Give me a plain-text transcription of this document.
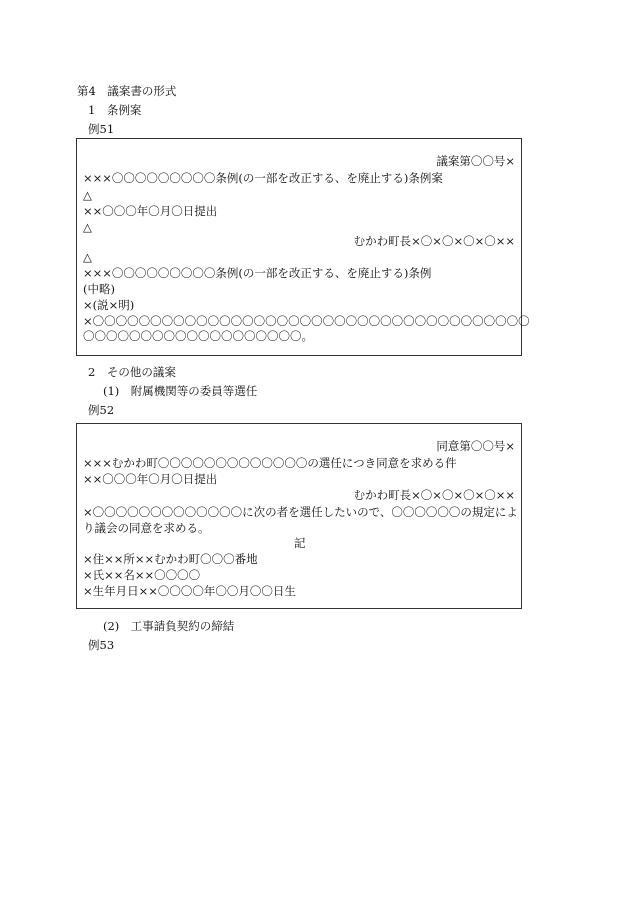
第4　議案書の形式
1　条例案
例51
議案第〇〇号×
×××〇〇〇〇〇〇〇〇〇条例(の一部を改正する、を廃止する)条例案
△
××〇〇〇年〇月〇日提出
△
むかわ町長×〇×〇×〇×〇××
△
×××〇〇〇〇〇〇〇〇〇条例(の一部を改正する、を廃止する)条例
(中略)
×(説×明)
×〇〇〇〇〇〇〇〇〇〇〇〇〇〇〇〇〇〇〇〇〇〇〇〇〇〇〇〇〇〇〇〇〇〇〇〇〇〇
〇〇〇〇〇〇〇〇〇〇〇〇〇〇〇〇〇〇〇。
2　その他の議案
(1)　附属機関等の委員等選任
例52
同意第〇〇号×
×××むかわ町〇〇〇〇〇〇〇〇〇〇〇〇〇の選任につき同意を求める件
××〇〇〇年〇月〇日提出
むかわ町長×〇×〇×〇×〇××
×〇〇〇〇〇〇〇〇〇〇〇〇〇に次の者を選任したいので、〇〇〇〇〇〇の規定によ
り議会の同意を求める。
記
×住××所××むかわ町〇〇〇番地
×氏××名××〇〇〇〇
×生年月日××〇〇〇〇年〇〇月〇〇日生
(2)　工事請負契約の締結
例53
